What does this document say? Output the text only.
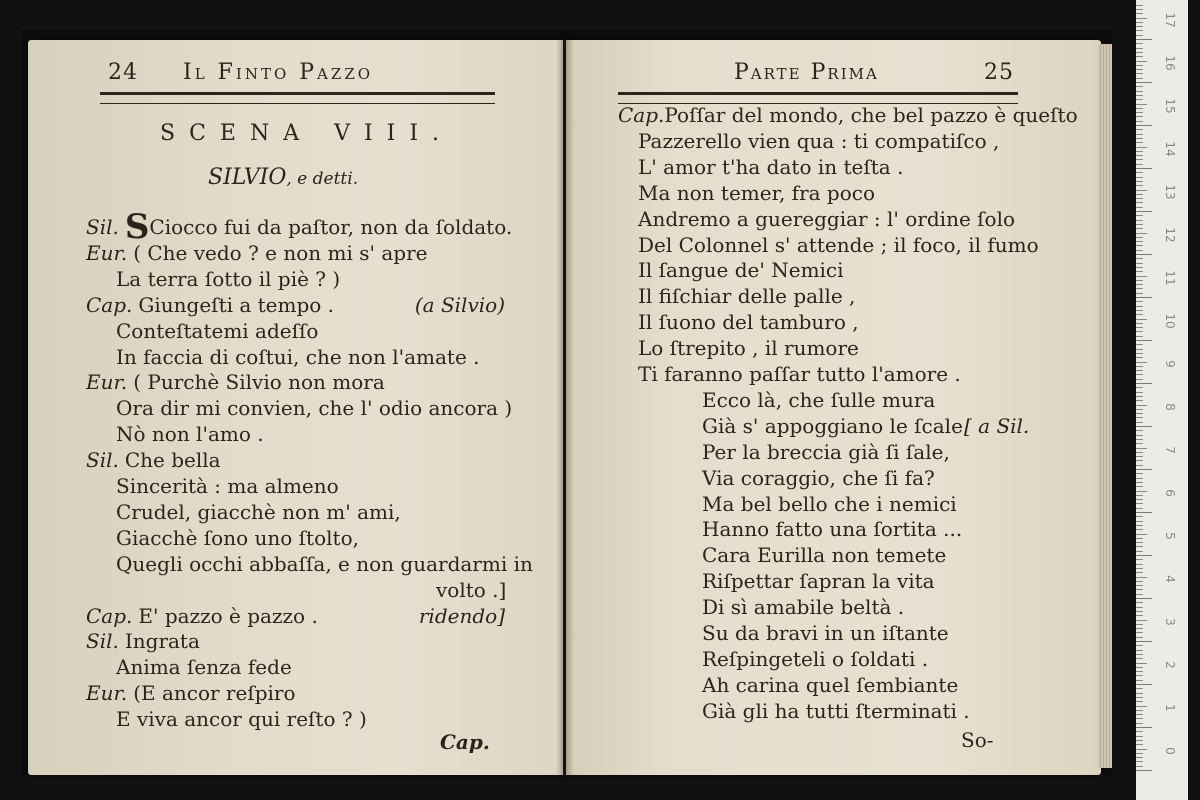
24 Il Finto Pazzo
SCENA VIII.
SILVIO, e detti.
Sil. SCiocco fui da paſtor, non da ſoldato.
Eur. ( Che vedo ? e non mi s' apre
La terra ſotto il piè ? )
Cap. Giungeſti a tempo .	(a Silvio)
Conteſtatemi adeſſo
In faccia di coſtui, che non l'amate .
Eur. ( Purchè Silvio non mora
Ora dir mi convien, che l' odio ancora )
Nò non l'amo .
Sil. Che bella
Sincerità : ma almeno
Crudel, giacchè non m' ami,
Giacchè ſono uno ſtolto,
Quegli occhi abbaſſa, e non guardarmi in
volto .]
Cap. E' pazzo è pazzo .	ridendo]
Sil. Ingrata
Anima ſenza fede
Eur. (E ancor reſpiro
E viva ancor qui reſto ? )
Cap.
Parte Prima	25
Cap.Poſſar del mondo, che bel pazzo è queſto
Pazzerello vien qua : ti compatiſco ,
L' amor t'ha dato in teſta .
Ma non temer, fra poco
Andremo a guereggiar : l' ordine ſolo
Del Colonnel s' attende ; il foco, il fumo
Il ſangue de' Nemici
Il fiſchiar delle palle ,
Il ſuono del tamburo ,
Lo ſtrepito , il rumore
Ti faranno paſſar tutto l'amore .
Ecco là, che ſulle mura
Già s' appoggiano le ſcale [ a Sil.
Per la breccia già ſi ſale,
Via coraggio, che ſi fa?
Ma bel bello che i nemici
Hanno fatto una ſortita ...
Cara Eurilla non temete
Riſpettar ſapran la vita
Di sì amabile beltà .
Su da bravi in un iſtante
Reſpingeteli o ſoldati .
Ah carina quel ſembiante
Già gli ha tutti ſterminati .
So-	0
1
2
3
4
5
6
7
8
9
10
11
12
13
14
15
16
17
